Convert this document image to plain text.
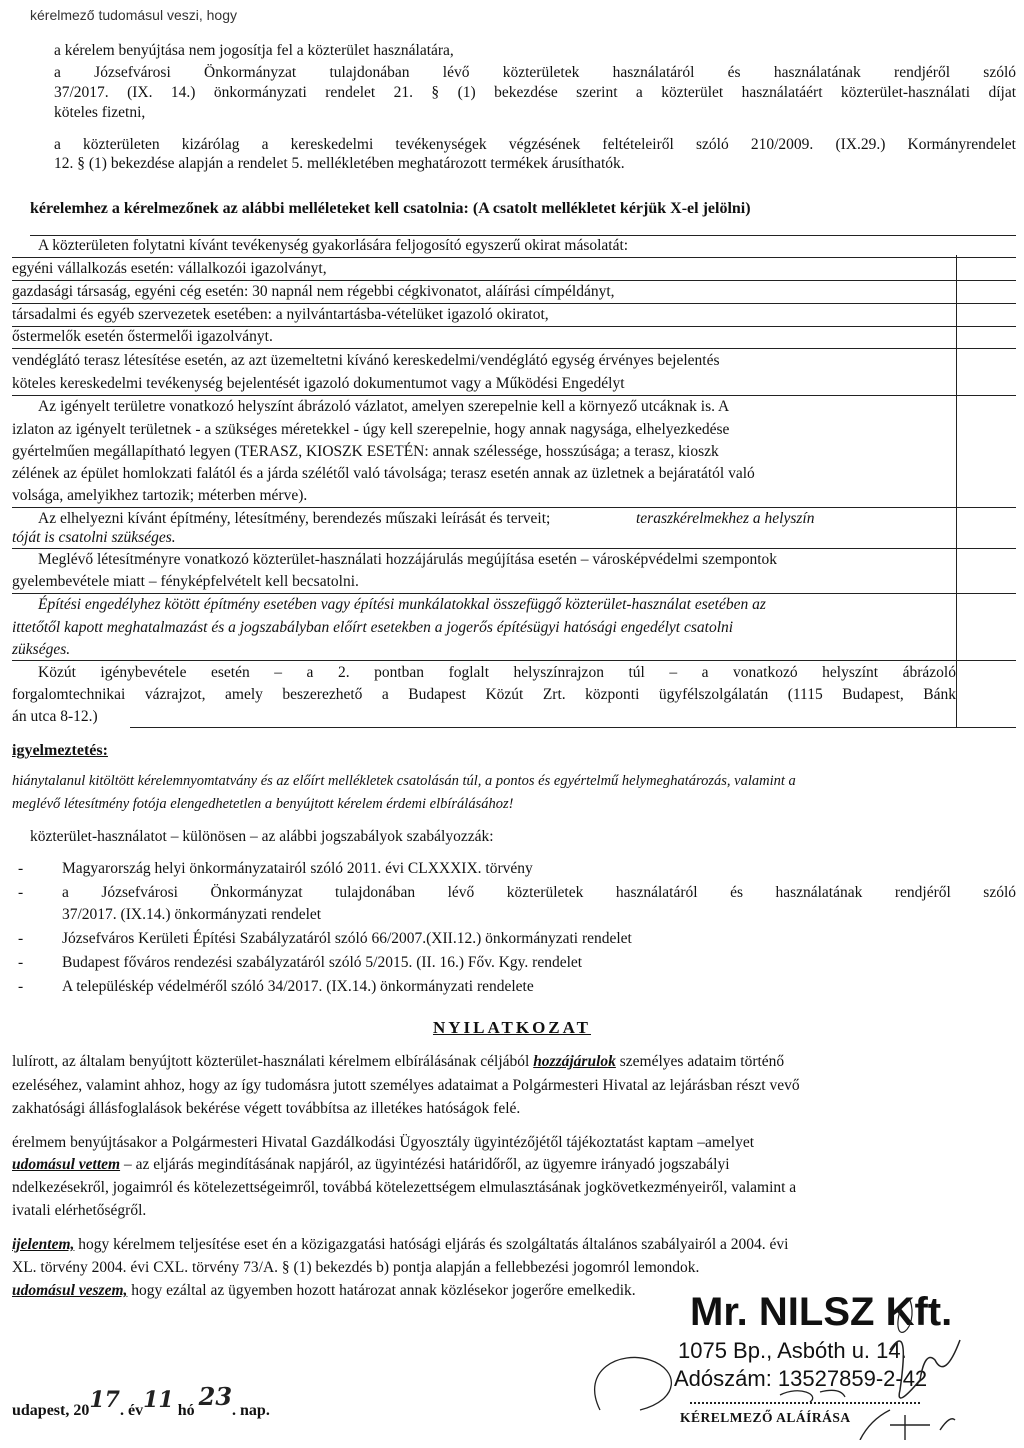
kérelmező tudomásul veszi, hogy
a kérelem benyújtása nem jogosítja fel a közterület használatára,
a Józsefvárosi Önkormányzat tulajdonában lévő közterületek használatáról és használatának rendjéről szóló
37/2017. (IX. 14.) önkormányzati rendelet 21. § (1) bekezdése szerint a közterület használatáért közterület-használati díjat
köteles fizetni,
a közterületen kizárólag a kereskedelmi tevékenységek végzésének feltételeiről szóló 210/2009. (IX.29.) Kormányrendelet
12. § (1) bekezdése alapján a rendelet 5. mellékletében meghatározott termékek árusíthatók.
kérelemhez a kérelmezőnek az alábbi melléleteket kell csatolnia: (A csatolt mellékletet kérjük X-el jelölni)
A közterületen folytatni kívánt tevékenység gyakorlására feljogosító egyszerű okirat másolatát:
egyéni vállalkozás esetén: vállalkozói igazolványt,
gazdasági társaság, egyéni cég esetén: 30 napnál nem régebbi cégkivonatot, aláírási címpéldányt,
társadalmi és egyéb szervezetek esetében: a nyilvántartásba-vételüket igazoló okiratot,
őstermelők esetén őstermelői igazolványt.
vendéglátó terasz létesítése esetén, az azt üzemeltetni kívánó kereskedelmi/vendéglátó egység érvényes bejelentés
köteles kereskedelmi tevékenység bejelentését igazoló dokumentumot vagy a Működési Engedélyt
Az igényelt területre vonatkozó helyszínt ábrázoló vázlatot, amelyen szerepelnie kell a környező utcáknak is. A
izlaton az igényelt területnek - a szükséges méretekkel - úgy kell szerepelnie, hogy annak nagysága, elhelyezkedése
gyértelműen megállapítható legyen (TERASZ, KIOSZK ESETÉN: annak szélessége, hosszúsága; a terasz, kioszk
zélének az épület homlokzati falától és a járda szélétől való távolsága; terasz esetén annak az üzletnek a bejáratától való
volsága, amelyikhez tartozik; méterben mérve).
Az elhelyezni kívánt építmény, létesítmény, berendezés műszaki leírását és terveit;	teraszkérelmekhez a helyszín
tóját is csatolni szükséges.
Meglévő létesítményre vonatkozó közterület-használati hozzájárulás megújítása esetén – városképvédelmi szempontok
gyelembevétele miatt – fényképfelvételt kell becsatolni.
Építési engedélyhez kötött építmény esetében vagy építési munkálatokkal összefüggő közterület-használat esetében az
ittetőtől kapott meghatalmazást és a jogszabályban előírt esetekben a jogerős építésügyi hatósági engedélyt csatolni
zükséges.
Közút igénybevétele esetén – a 2. pontban foglalt helyszínrajzon túl – a vonatkozó helyszínt ábrázoló
forgalomtechnikai vázrajzot, amely beszerezhető a Budapest Közút Zrt. központi ügyfélszolgálatán (1115 Budapest, Bánk
án utca 8-12.)
igyelmeztetés:
hiánytalanul kitöltött kérelemnyomtatvány és az előírt mellékletek csatolásán túl, a pontos és egyértelmű helymeghatározás, valamint a
meglévő létesítmény fotója elengedhetetlen a benyújtott kérelem érdemi elbírálásához!
közterület-használatot – különösen – az alábbi jogszabályok szabályozzák:
-	Magyarország helyi önkormányzatairól szóló 2011. évi CLXXXIX. törvény
-	a Józsefvárosi Önkormányzat tulajdonában lévő közterületek használatáról és használatának rendjéről szóló
37/2017. (IX.14.) önkormányzati rendelet
-	Józsefváros Kerületi Építési Szabályzatáról szóló 66/2007.(XII.12.) önkormányzati rendelet
-	Budapest főváros rendezési szabályzatáról szóló 5/2015. (II. 16.) Főv. Kgy. rendelet
-	A településkép védelméről szóló 34/2017. (IX.14.) önkormányzati rendelete
NYILATKOZAT
lulírott, az általam benyújtott közterület-használati kérelmem elbírálásának céljából hozzájárulok személyes adataim történő
ezeléséhez, valamint ahhoz, hogy az így tudomásra jutott személyes adataimat a Polgármesteri Hivatal az lejárásban részt vevő
zakhatósági állásfoglalások bekérése végett továbbítsa az illetékes hatóságok felé.
érelmem benyújtásakor a Polgármesteri Hivatal Gazdálkodási Ügyosztály ügyintézőjétől tájékoztatást kaptam –amelyet
udomásul vettem – az eljárás megindításának napjáról, az ügyintézési határidőről, az ügyemre irányadó jogszabályi
ndelkezésekről, jogaimról és kötelezettségeimről, továbbá kötelezettségem elmulasztásának jogkövetkezményeiről, valamint a
ivatali elérhetőségről.
ijelentem, hogy kérelmem teljesítése eset én a közigazgatási hatósági eljárás és szolgáltatás általános szabályairól a 2004. évi
XL. törvény 2004. évi CXL. törvény 73/A. § (1) bekezdés b) pontja alapján a fellebbezési jogomról lemondok.
udomásul veszem, hogy ezáltal az ügyemben hozott határozat annak közlésekor jogerőre emelkedik. Mr. NILSZ Kft.
1075 Bp., Asbóth u. 14.
Adószám: 13527859-2-42
udapest, 2017. év11 hó 23. nap.	KÉRELMEZŐ ALÁÍRÁSA
